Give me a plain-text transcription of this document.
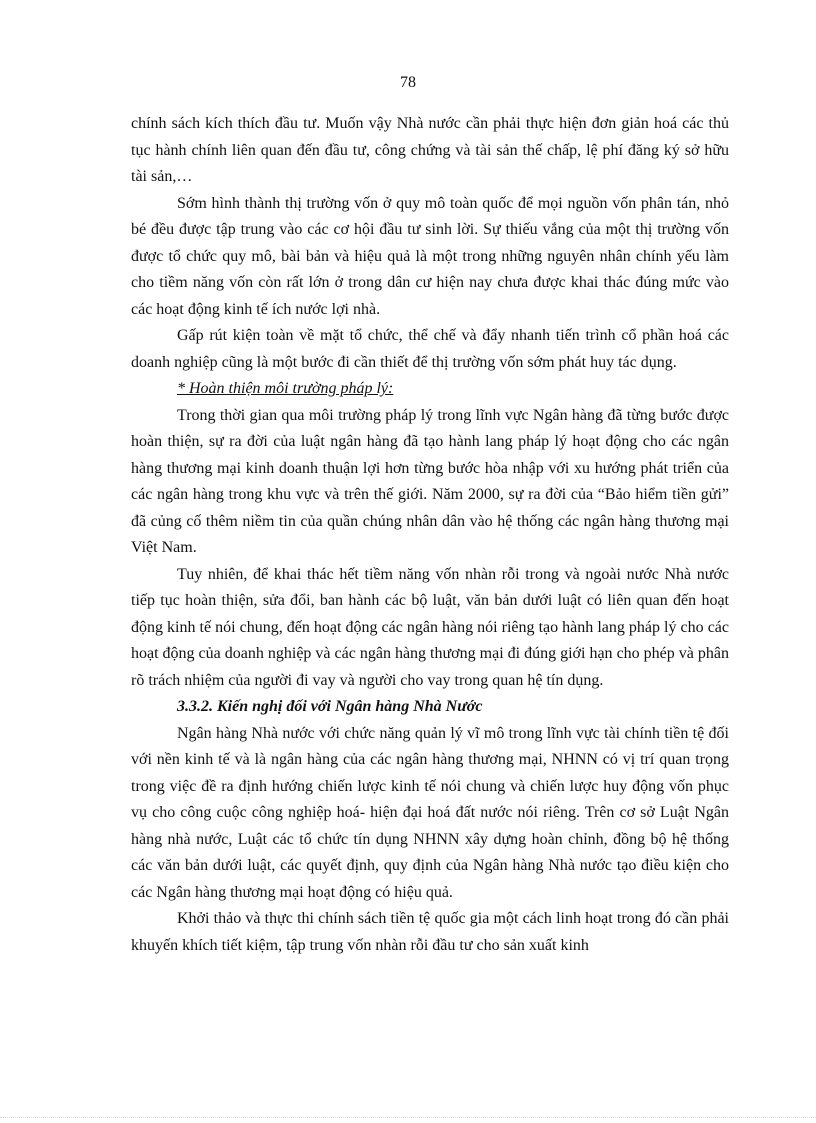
78

chính sách kích thích đầu tư. Muốn vậy Nhà nước cần phải thực hiện đơn giản hoá các thủ tục hành chính liên quan đến đầu tư, công chứng và tài sản thế chấp, lệ phí đăng ký sở hữu tài sản,…

Sớm hình thành thị trường vốn ở quy mô toàn quốc để mọi nguồn vốn phân tán, nhỏ bé đều được tập trung vào các cơ hội đầu tư sinh lời. Sự thiếu vắng của một thị trường vốn được tổ chức quy mô, bài bản và hiệu quả là một trong những nguyên nhân chính yếu làm cho tiềm năng vốn còn rất lớn ở trong dân cư hiện nay chưa được khai thác đúng mức vào các hoạt động kinh tế ích nước lợi nhà.

Gấp rút kiện toàn về mặt tổ chức, thể chế và đẩy nhanh tiến trình cổ phần hoá các doanh nghiệp cũng là một bước đi cần thiết để thị trường vốn sớm phát huy tác dụng.

* Hoàn thiện môi trường pháp lý:

Trong thời gian qua môi trường pháp lý trong lĩnh vực Ngân hàng đã từng bước được hoàn thiện, sự ra đời của luật ngân hàng đã tạo hành lang pháp lý hoạt động cho các ngân hàng thương mại kinh doanh thuận lợi hơn từng bước hòa nhập với xu hướng phát triển của các ngân hàng trong khu vực và trên thế giới. Năm 2000, sự ra đời của “Bảo hiểm tiền gửi” đã củng cố thêm niềm tin của quần chúng nhân dân vào hệ thống các ngân hàng thương mại Việt Nam.

Tuy nhiên, để khai thác hết tiềm năng vốn nhàn rỗi trong và ngoài nước Nhà nước tiếp tục hoàn thiện, sửa đổi, ban hành các bộ luật, văn bản dưới luật có liên quan đến hoạt động kinh tế nói chung, đến hoạt động các ngân hàng nói riêng tạo hành lang pháp lý cho các hoạt động của doanh nghiệp và các ngân hàng thương mại đi đúng giới hạn cho phép và phân rõ trách nhiệm của người đi vay và người cho vay trong quan hệ tín dụng.

3.3.2. Kiến nghị đối với Ngân hàng Nhà Nước

Ngân hàng Nhà nước với chức năng quản lý vĩ mô trong lĩnh vực tài chính tiền tệ đối với nền kinh tế và là ngân hàng của các ngân hàng thương mại, NHNN có vị trí quan trọng trong việc đề ra định hướng chiến lược kinh tế nói chung và chiến lược huy động vốn phục vụ cho công cuộc công nghiệp hoá- hiện đại hoá đất nước nói riêng. Trên cơ sở Luật Ngân hàng nhà nước, Luật các tổ chức tín dụng NHNN xây dựng hoàn chỉnh, đồng bộ hệ thống các văn bản dưới luật, các quyết định, quy định của Ngân hàng Nhà nước tạo điều kiện cho các Ngân hàng thương mại hoạt động có hiệu quả.

Khởi thảo và thực thi chính sách tiền tệ quốc gia một cách linh hoạt trong đó cần phải khuyến khích tiết kiệm, tập trung vốn nhàn rỗi đầu tư cho sản xuất kinh
